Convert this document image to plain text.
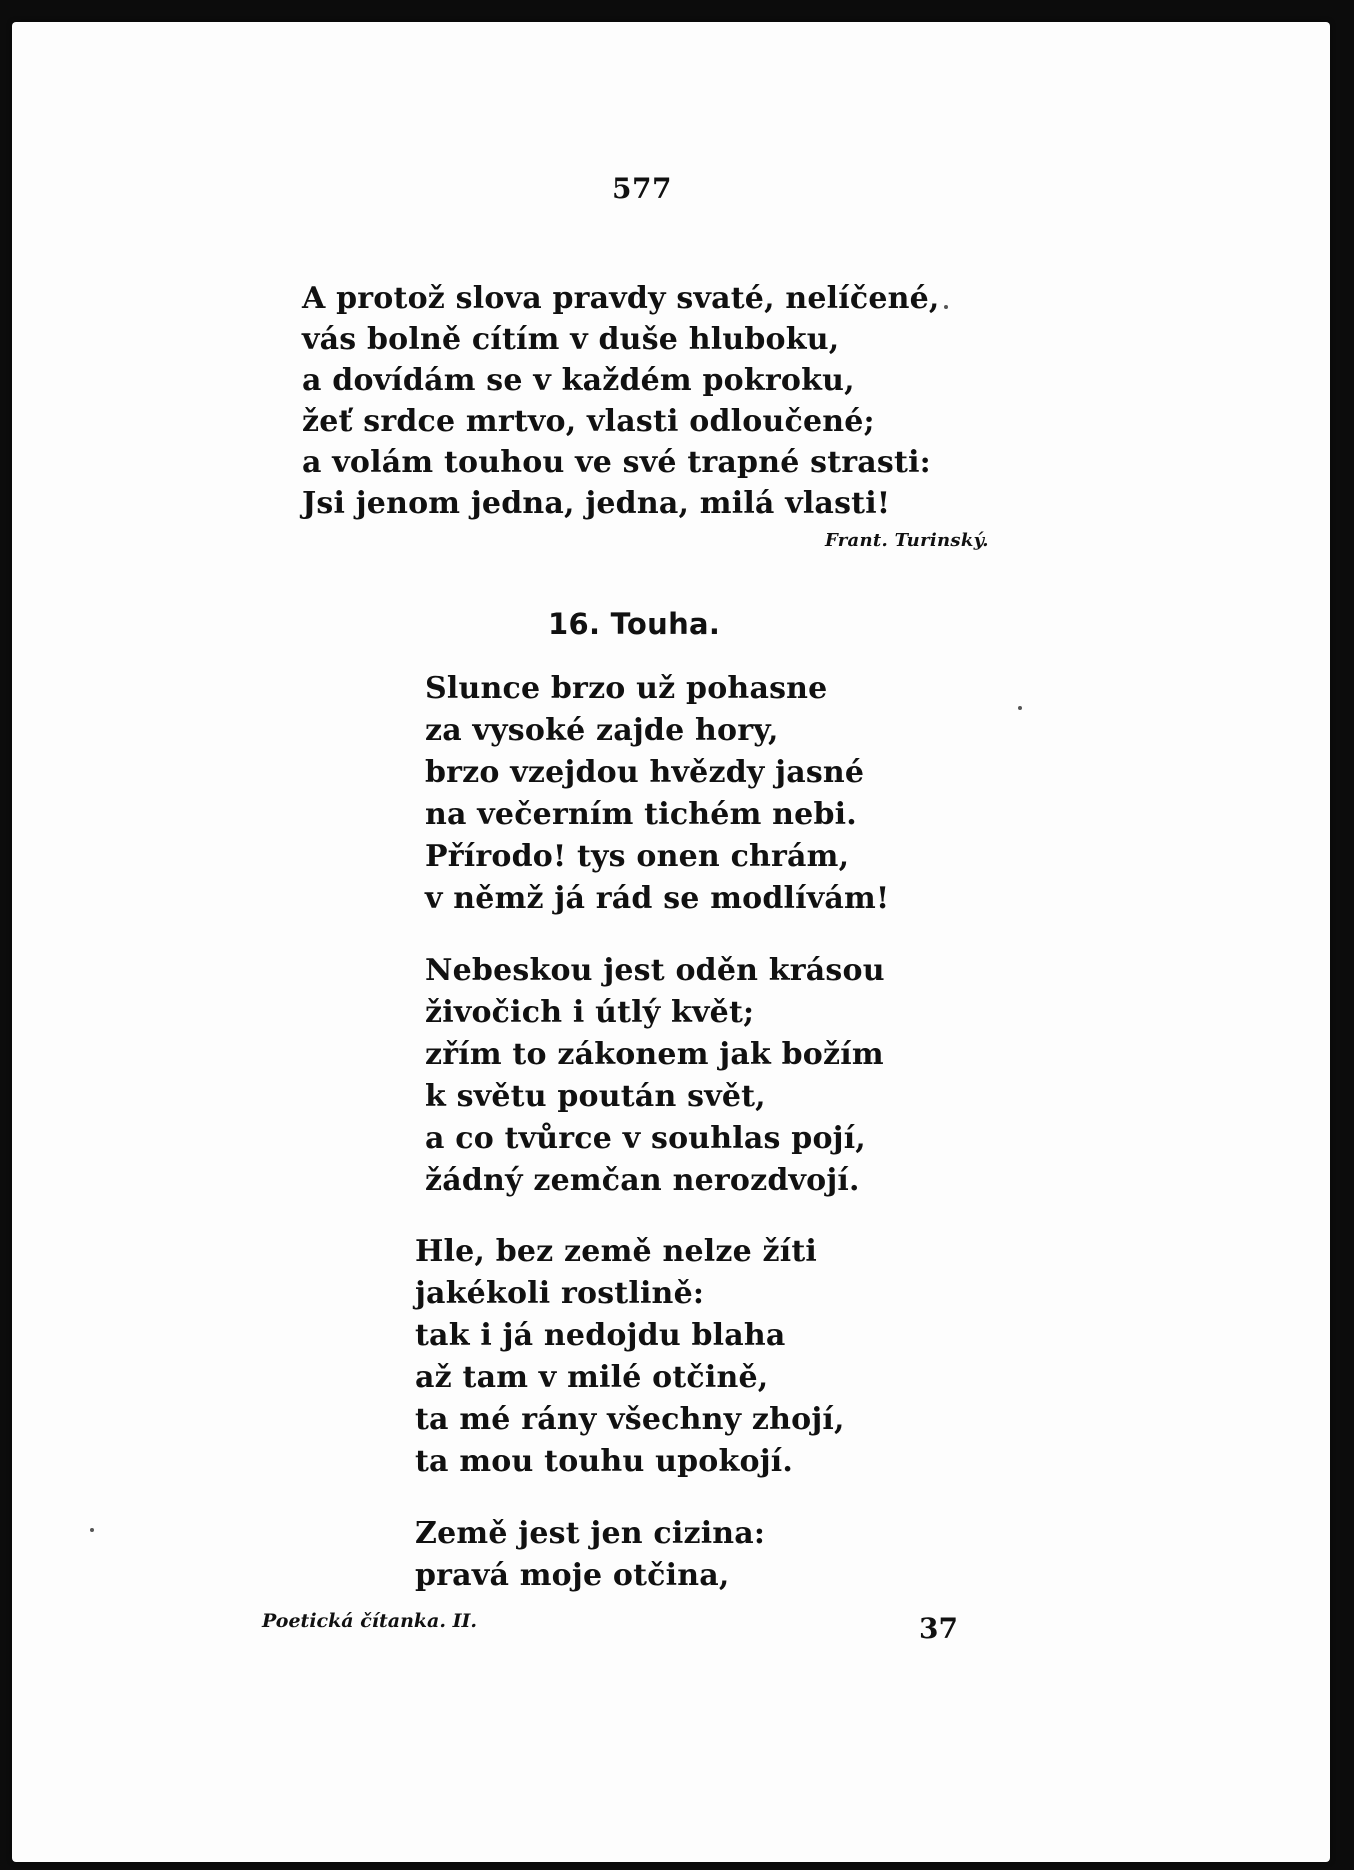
577
A protož slova pravdy svaté, nelíčené,
vás bolně cítím v duše hluboku,
a dovídám se v každém pokroku,
žeť srdce mrtvo, vlasti odloučené;
a volám touhou ve své trapné strasti:
Jsi jenom jedna, jedna, milá vlasti!
Frant. Turinský.
16. Touha.
Slunce brzo už pohasne
za vysoké zajde hory,
brzo vzejdou hvězdy jasné
na večerním tichém nebi.
Přírodo! tys onen chrám,
v němž já rád se modlívám!
Nebeskou jest oděn krásou
živočich i útlý květ;
zřím to zákonem jak božím
k světu poután svět,
a co tvůrce v souhlas pojí,
žádný zemčan nerozdvojí.
Hle, bez země nelze žíti
jakékoli rostlině:
tak i já nedojdu blaha
až tam v milé otčině,
ta mé rány všechny zhojí,
ta mou touhu upokojí.
Země jest jen cizina:
pravá moje otčina,
Poetická čítanka. II.	37
